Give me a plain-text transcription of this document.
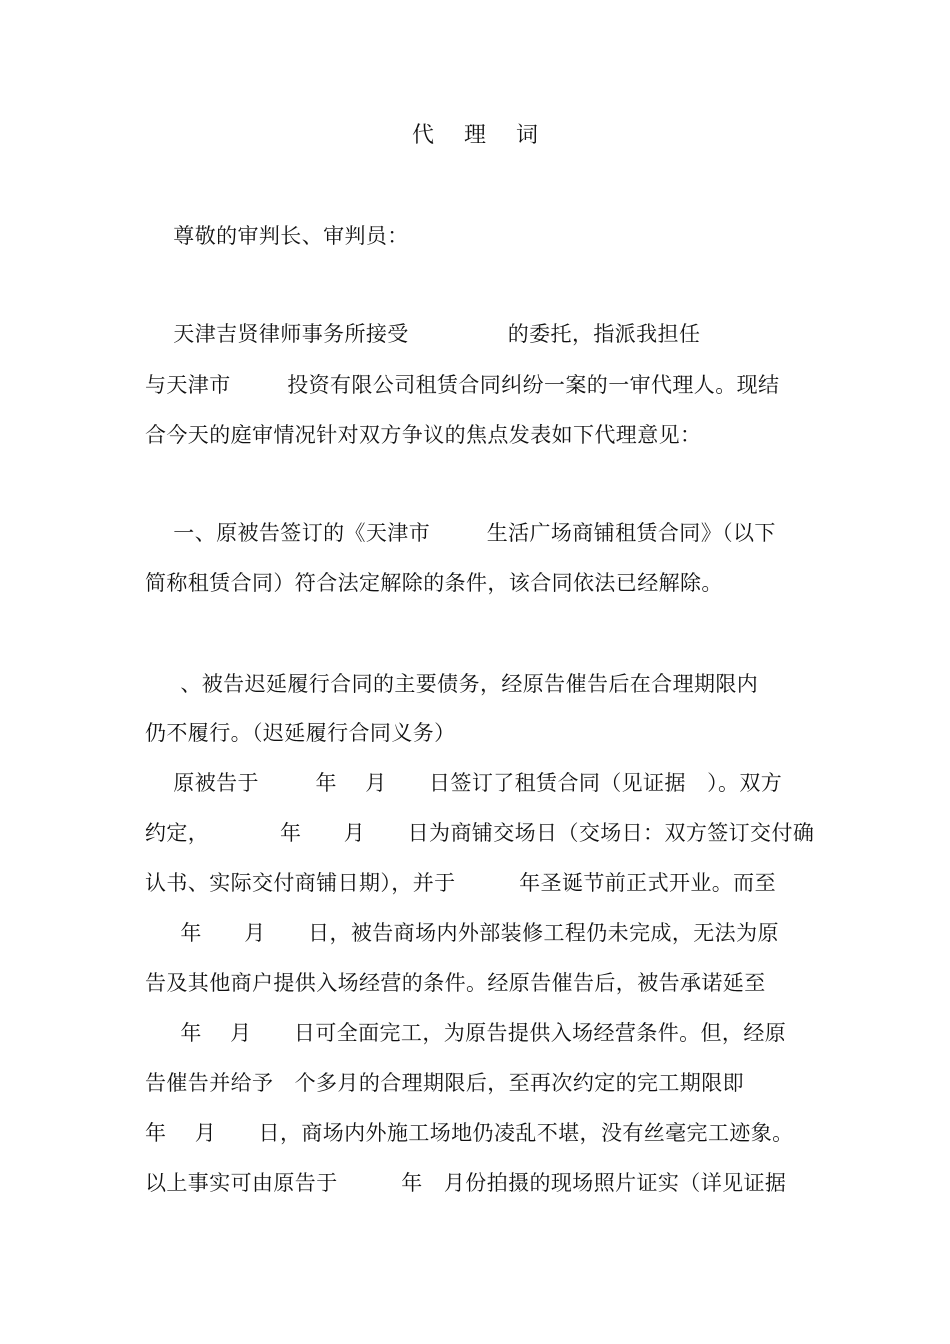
代理词
尊敬的审判长、审判员：
天津吉贤律师事务所接受              的委托，指派我担任
与天津市        投资有限公司租赁合同纠纷一案的一审代理人。现结
合今天的庭审情况针对双方争议的焦点发表如下代理意见：
一、原被告签订的《天津市        生活广场商铺租赁合同》（以下
简称租赁合同）符合法定解除的条件，该合同依法已经解除。
、被告迟延履行合同的主要债务，经原告催告后在合理期限内
仍不履行。（迟延履行合同义务）
原被告于        年    月      日签订了租赁合同（见证据   ）。双方
约定，          年      月      日为商铺交场日（交场日：双方签订交付确
认书、实际交付商铺日期），并于         年圣诞节前正式开业。而至
年      月      日，被告商场内外部装修工程仍未完成，无法为原
告及其他商户提供入场经营的条件。经原告催告后，被告承诺延至
年    月      日可全面完工，为原告提供入场经营条件。但，经原
告催告并给予   个多月的合理期限后，至再次约定的完工期限即
年    月      日，商场内外施工场地仍凌乱不堪，没有丝毫完工迹象。
以上事实可由原告于         年   月份拍摄的现场照片证实（详见证据
